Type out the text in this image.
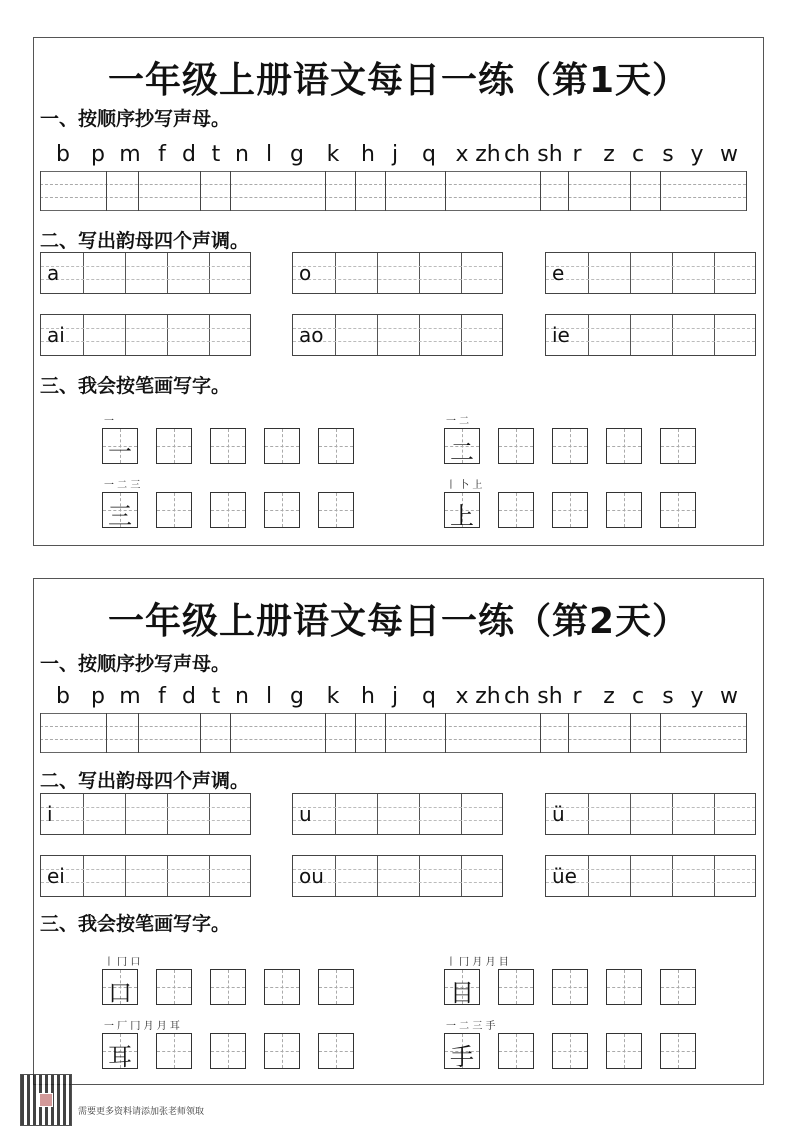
一年级上册语文每日一练（第1天）
一、按顺序抄写声母。
b p m f d t n l g k h j q x zh ch sh r z c s y w
二、写出韵母四个声调。
a	o	e
ai	ao	ie
三、我会按笔画写字。
一
一
一 二
二
一 二 三
三
丨 卜 上
上
一年级上册语文每日一练（第2天）
一、按顺序抄写声母。
b p m f d t n l g k h j q x zh ch sh r z c s y w
二、写出韵母四个声调。
i	u	ü
ei	ou	üe
三、我会按笔画写字。
丨 冂 口
口
丨 冂 月 月 目
目
一 厂 冂 月 月 耳
耳
一 二 三 手
手
需要更多资料请添加张老师领取
